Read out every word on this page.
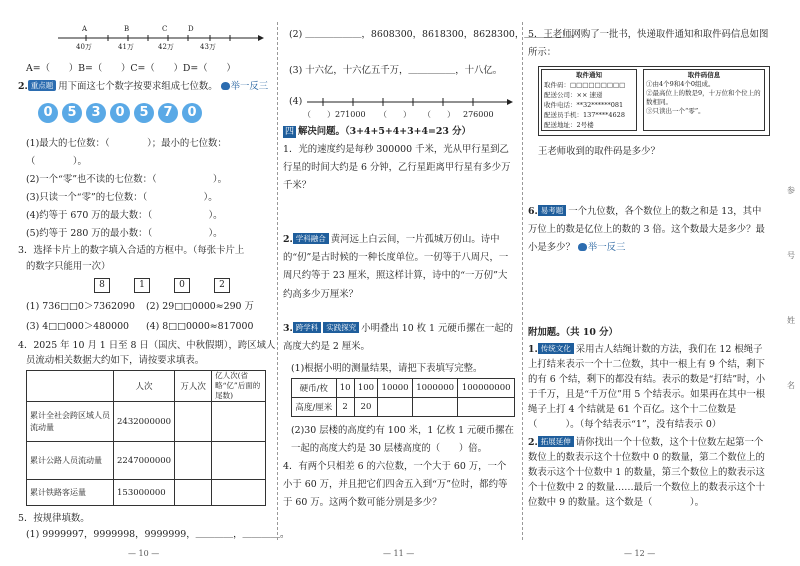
A	B	C	D
40万	41万	42万	43万
A=（　　）B=（　　）C=（　　）D=（　　）
2. 重点题 用下面这七个数字按要求组成七位数。 举一反三
0 5 3 0 5 7 0
(1)最大的七位数：（　　　　）；最小的七位数：
（　　　　）。
(2)一个“零”也不读的七位数：（　　　　　　）。
(3)只读一个“零”的七位数：（　　　　　　）。
(4)约等于 670 万的最大数：（　　　　　　）。
(5)约等于 280 万的最小数：（　　　　　　）。
3．选择卡片上的数字填入合适的方框中。（每张卡片上
的数字只能用一次）
8	1	0	2
(1) 736□□0＞7362090 (2) 29□□0000≈290 万
(3) 4□□000＞480000 (4) 8□□0000≈817000
4．2025 年 10 月 1 日至 8 日（国庆、中秋假期），跨区域人
员流动相关数据大约如下，请按要求填表。
	人次	万人次	亿人次(省略“亿”后面的尾数)
累计全社会跨区域人员流动量	2432000000		
累计公路人员流动量	2247000000		
累计铁路客运量	153000000		
5．按规律填数。
(1) 9999997，9999998，9999999，＿＿＿＿，＿＿＿＿。
— 10 —
(2) ＿＿＿＿＿＿，8608300，8618300，8628300，＿＿＿＿＿。
(3) 十六亿，十六亿五千万，＿＿＿＿＿，十八亿。
(4)
（　　）271000 （　　） （　　） 276000
四 解决问题。（3+4+5+4+3+4=23 分）
1．光的速度约是每秒 300000 千米，光从甲行星到乙行星的时间大约是 6 分钟，乙行星距离甲行星有多少万千米？
2. 学科融合 黄河远上白云间，一片孤城万仞山。诗中的“仞”是古时候的一种长度单位。一仞等于八周尺，一周尺约等于 23 厘米，照这样计算，诗中的“一万仞”大约高多少万厘米？
3. 跨学科 实践探究 小明叠出 10 枚 1 元硬币摞在一起的高度大约是 2 厘米。
(1)根据小明的测量结果，请把下表填写完整。
硬币/枚	10	100	10000	1000000	100000000
高度/厘米	2	20			
(2)30 层楼的高度约有 100 米，1 亿枚 1 元硬币摞在一起的高度大约是 30 层楼高度的（　　）倍。
4．有两个只相差 6 的六位数，一个大于 60 万，一个小于 60 万，并且把它们四舍五入到“万”位时，都约等于 60 万。这两个数可能分别是多少？
— 11 —
5．王老师网购了一批书，快递取件通知和取件码信息如图所示：
取件通知
取件码：□□□□□□□□□
配送公司：×× 速递
收件电话：**32******081
配送员手机：137****4628
配送地址：2号楼
取件码信息
①由4个9和4个0组成。
②最高位上的数是9，十万位和个位上的数相同。
③只读出一个“零”。
王老师收到的取件码是多少？
6. 易考题 一个九位数，各个数位上的数之和是 13，其中万位上的数是亿位上的数的 3 倍。这个数最大是多少？最小是多少？ 举一反三
附加题。（共 10 分）
1. 传统文化 采用古人结绳计数的方法，我们在 12 根绳子上打结来表示一个十二位数，其中一根上有 9 个结，剩下的有 6 个结，剩下的都没有结。表示的数是“打结”时，小于千万，且是“千万位”用 5 个结表示。如果再在其中一根绳子上打 4 个结就是 61 个百亿。这个十二位数是（　　　）。（每个结表示“1”，没有结表示 0）
2. 拓展延伸 请你找出一个十位数，这个十位数左起第一个数位上的数表示这个十位数中 0 的数量，第二个数位上的数表示这个十位数中 1 的数量，第三个数位上的数表示这个十位数中 2 的数量……最后一个数位上的数表示这个十位数中 9 的数量。这个数是（　　　　）。
— 12 —
参
号
姓
名
